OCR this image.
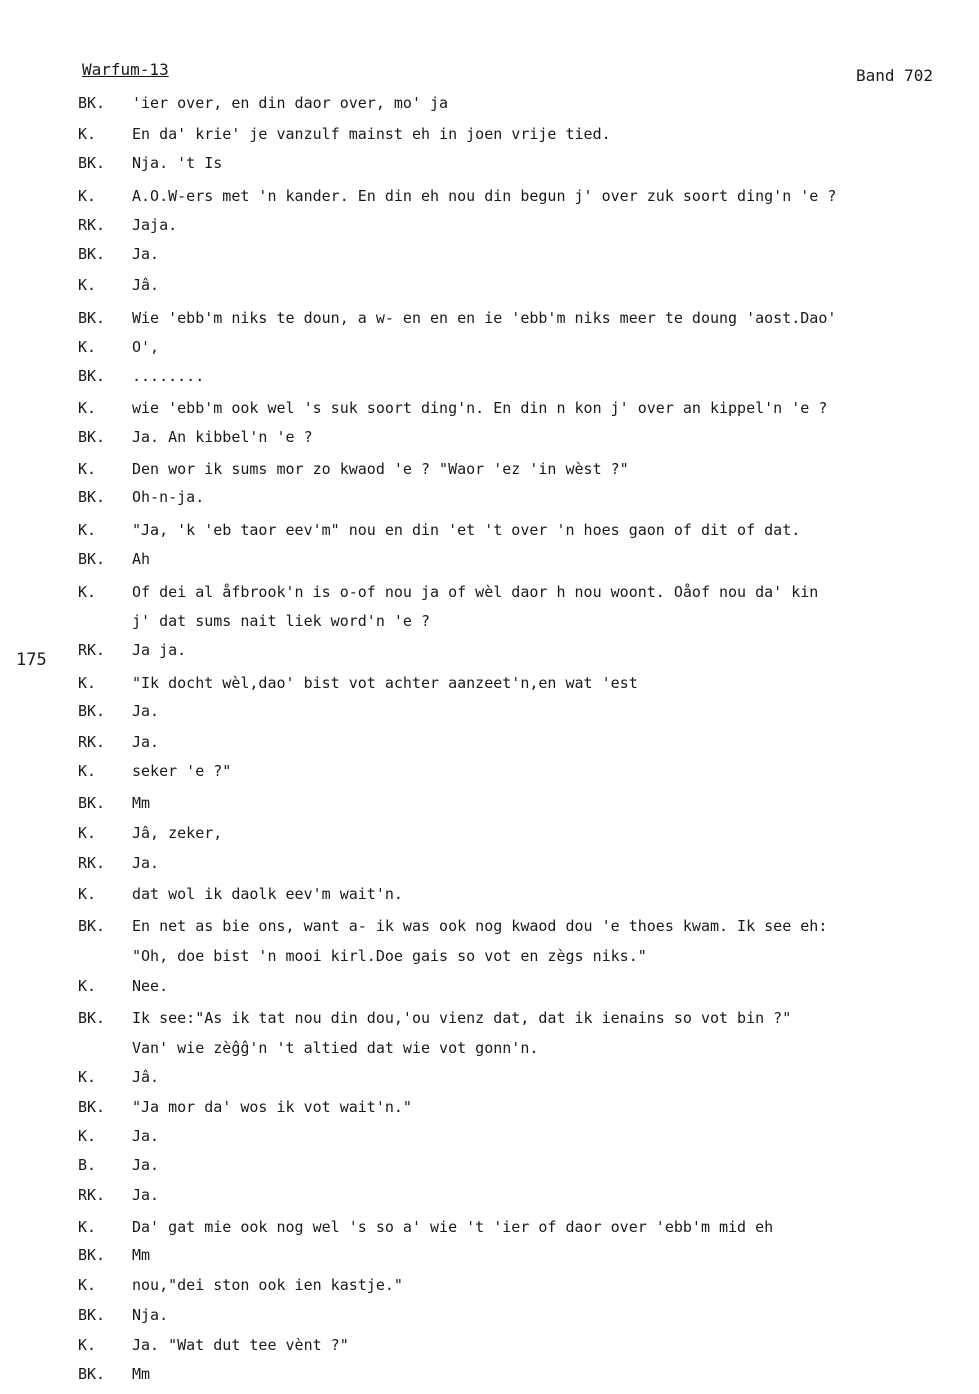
Warfum-13	Band 702
175
BK.	'ier over, en din daor over, mo' ja
K.	En da' krie' je vanzulf mainst eh in joen vrije tied.
BK.	Nja. 't Is
K.	A.O.W-ers met 'n kander. En din eh nou din begun j' over zuk soort ding'n 'e ?
RK.	Jaja.
BK.	Ja.
K.	Jâ.
BK.	Wie 'ebb'm niks te doun, a w- en en en ie 'ebb'm niks meer te doung 'aost.Dao'
K.	O',
BK.	........
K.	wie 'ebb'm ook wel 's suk soort ding'n. En din n kon j' over an kippel'n 'e ?
BK.	Ja. An kibbel'n 'e ?
K.	Den wor ik sums mor zo kwaod 'e ? "Waor 'ez 'in wèst ?"
BK.	Oh-n-ja.
K.	"Ja, 'k 'eb taor eev'm" nou en din 'et 't over 'n hoes gaon of dit of dat.
BK.	Ah
K.	Of dei al åfbrook'n is o-of nou ja of wèl daor h nou woont. Oåof nou da' kin
j' dat sums nait liek word'n 'e ?
RK.	Ja ja.
K.	"Ik docht wèl,dao' bist vot achter aanzeet'n,en wat 'est
BK.	Ja.
RK.	Ja.
K.	seker 'e ?"
BK.	Mm
K.	Jâ, zeker,
RK.	Ja.
K.	dat wol ik daolk eev'm wait'n.
BK.	En net as bie ons, want a- ik was ook nog kwaod dou 'e thoes kwam. Ik see eh:
"Oh, doe bist 'n mooi kirl.Doe gais so vot en zègs niks."
K.	Nee.
BK.	Ik see:"As ik tat nou din dou,'ou vienz dat, dat ik ienains so vot bin ?"
Van' wie zèĝĝ'n 't altied dat wie vot gonn'n.
K.	Jâ.
BK.	"Ja mor da' wos ik vot wait'n."
K.	Ja.
B.	Ja.
RK.	Ja.
K.	Da' gat mie ook nog wel 's so a' wie 't 'ier of daor over 'ebb'm mid eh
BK.	Mm
K.	nou,"dei ston ook ien kastje."
BK.	Nja.
K.	Ja. "Wat dut tee vènt ?"
BK.	Mm
